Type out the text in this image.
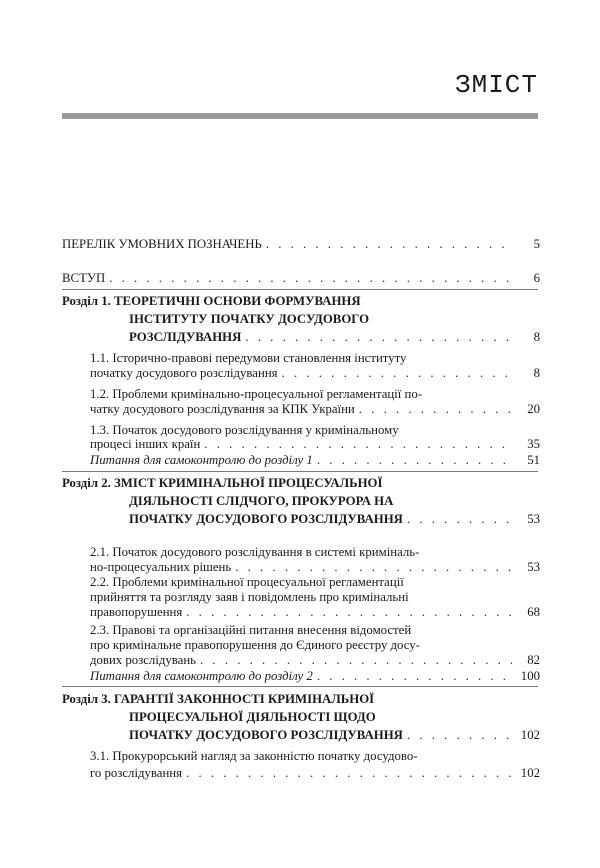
ЗМІСТ
ПЕРЕЛІК УМОВНИХ ПОЗНАЧЕНЬ . . .	5
ВСТУП . . .	6
Розділ 1. ТЕОРЕТИЧНІ ОСНОВИ ФОРМУВАННЯ
ІНСТИТУТУ ПОЧАТКУ ДОСУДОВОГО
РОЗСЛІДУВАННЯ . . .	8
1.1. Історично-правові передумови становлення інституту
початку досудового розслідування . . .	8
1.2. Проблеми кримінально-процесуальної регламентації по-
чатку досудового розслідування за КПК України . . .	20
1.3. Початок досудового розслідування у кримінальному
процесі інших країн . . .	35
Питання для самоконтролю до розділу 1 . . .	51
Розділ 2. ЗМІСТ КРИМІНАЛЬНОЇ ПРОЦЕСУАЛЬНОЇ
ДІЯЛЬНОСТІ СЛІДЧОГО, ПРОКУРОРА НА
ПОЧАТКУ ДОСУДОВОГО РОЗСЛІДУВАННЯ . . .	53
2.1. Початок досудового розслідування в системі криміналь-
но-процесуальних рішень . . .	53
2.2. Проблеми кримінальної процесуальної регламентації
прийняття та розгляду заяв і повідомлень про кримінальні
правопорушення . . .	68
2.3. Правові та організаційні питання внесення відомостей
про кримінальне правопорушення до Єдиного реєстру досу-
дових розслідувань . . .	82
Питання для самоконтролю до розділу 2 . . .	100
Розділ 3. ГАРАНТІЇ ЗАКОННОСТІ КРИМІНАЛЬНОЇ
ПРОЦЕСУАЛЬНОЇ ДІЯЛЬНОСТІ ЩОДО
ПОЧАТКУ ДОСУДОВОГО РОЗСЛІДУВАННЯ . . .	102
3.1. Прокурорський нагляд за законністю початку досудово-
го розслідування . . .	102
